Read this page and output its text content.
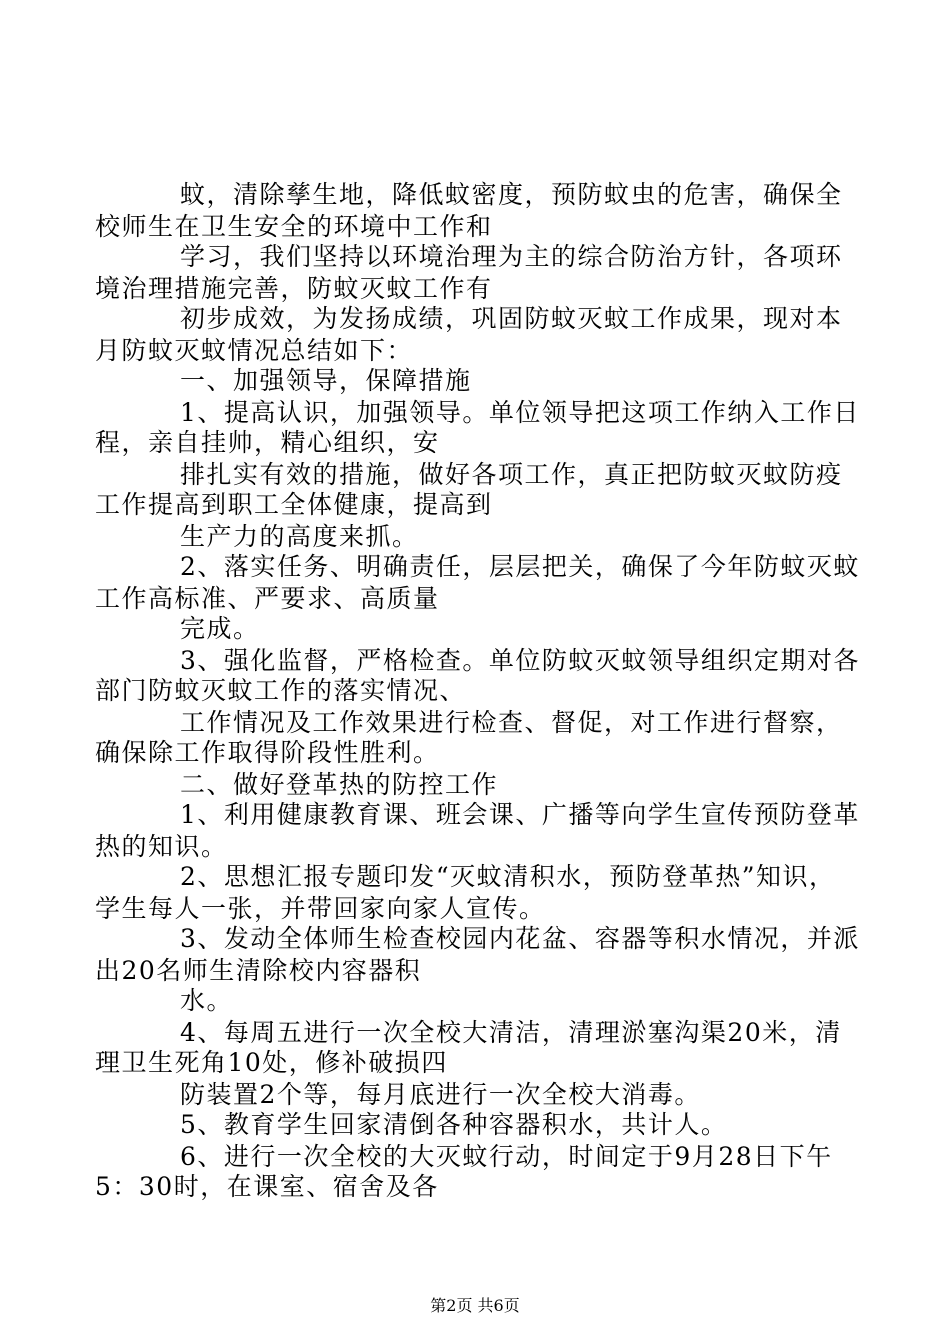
蚊，清除孳生地，降低蚊密度，预防蚊虫的危害，确保全
校师生在卫生安全的环境中工作和
学习，我们坚持以环境治理为主的综合防治方针，各项环
境治理措施完善，防蚊灭蚊工作有
初步成效，为发扬成绩，巩固防蚊灭蚊工作成果，现对本
月防蚊灭蚊情况总结如下：
一、加强领导，保障措施
1、提高认识，加强领导。单位领导把这项工作纳入工作日
程，亲自挂帅，精心组织，安
排扎实有效的措施，做好各项工作，真正把防蚊灭蚊防疫
工作提高到职工全体健康，提高到
生产力的高度来抓。
2、落实任务、明确责任，层层把关，确保了今年防蚊灭蚊
工作高标准、严要求、高质量
完成。
3、强化监督，严格检查。单位防蚊灭蚊领导组织定期对各
部门防蚊灭蚊工作的落实情况、
工作情况及工作效果进行检查、督促，对工作进行督察，
确保除工作取得阶段性胜利。
二、做好登革热的防控工作
1、利用健康教育课、班会课、广播等向学生宣传预防登革
热的知识。
2、思想汇报专题印发“灭蚊清积水，预防登革热”知识，
学生每人一张，并带回家向家人宣传。
3、发动全体师生检查校园内花盆、容器等积水情况，并派
出20名师生清除校内容器积
水。
4、每周五进行一次全校大清洁，清理淤塞沟渠20米，清
理卫生死角10处，修补破损四
防装置2个等，每月底进行一次全校大消毒。
5、教育学生回家清倒各种容器积水，共计人。
6、进行一次全校的大灭蚊行动，时间定于9月28日下午
5：30时，在课室、宿舍及各
第2页 共6页
